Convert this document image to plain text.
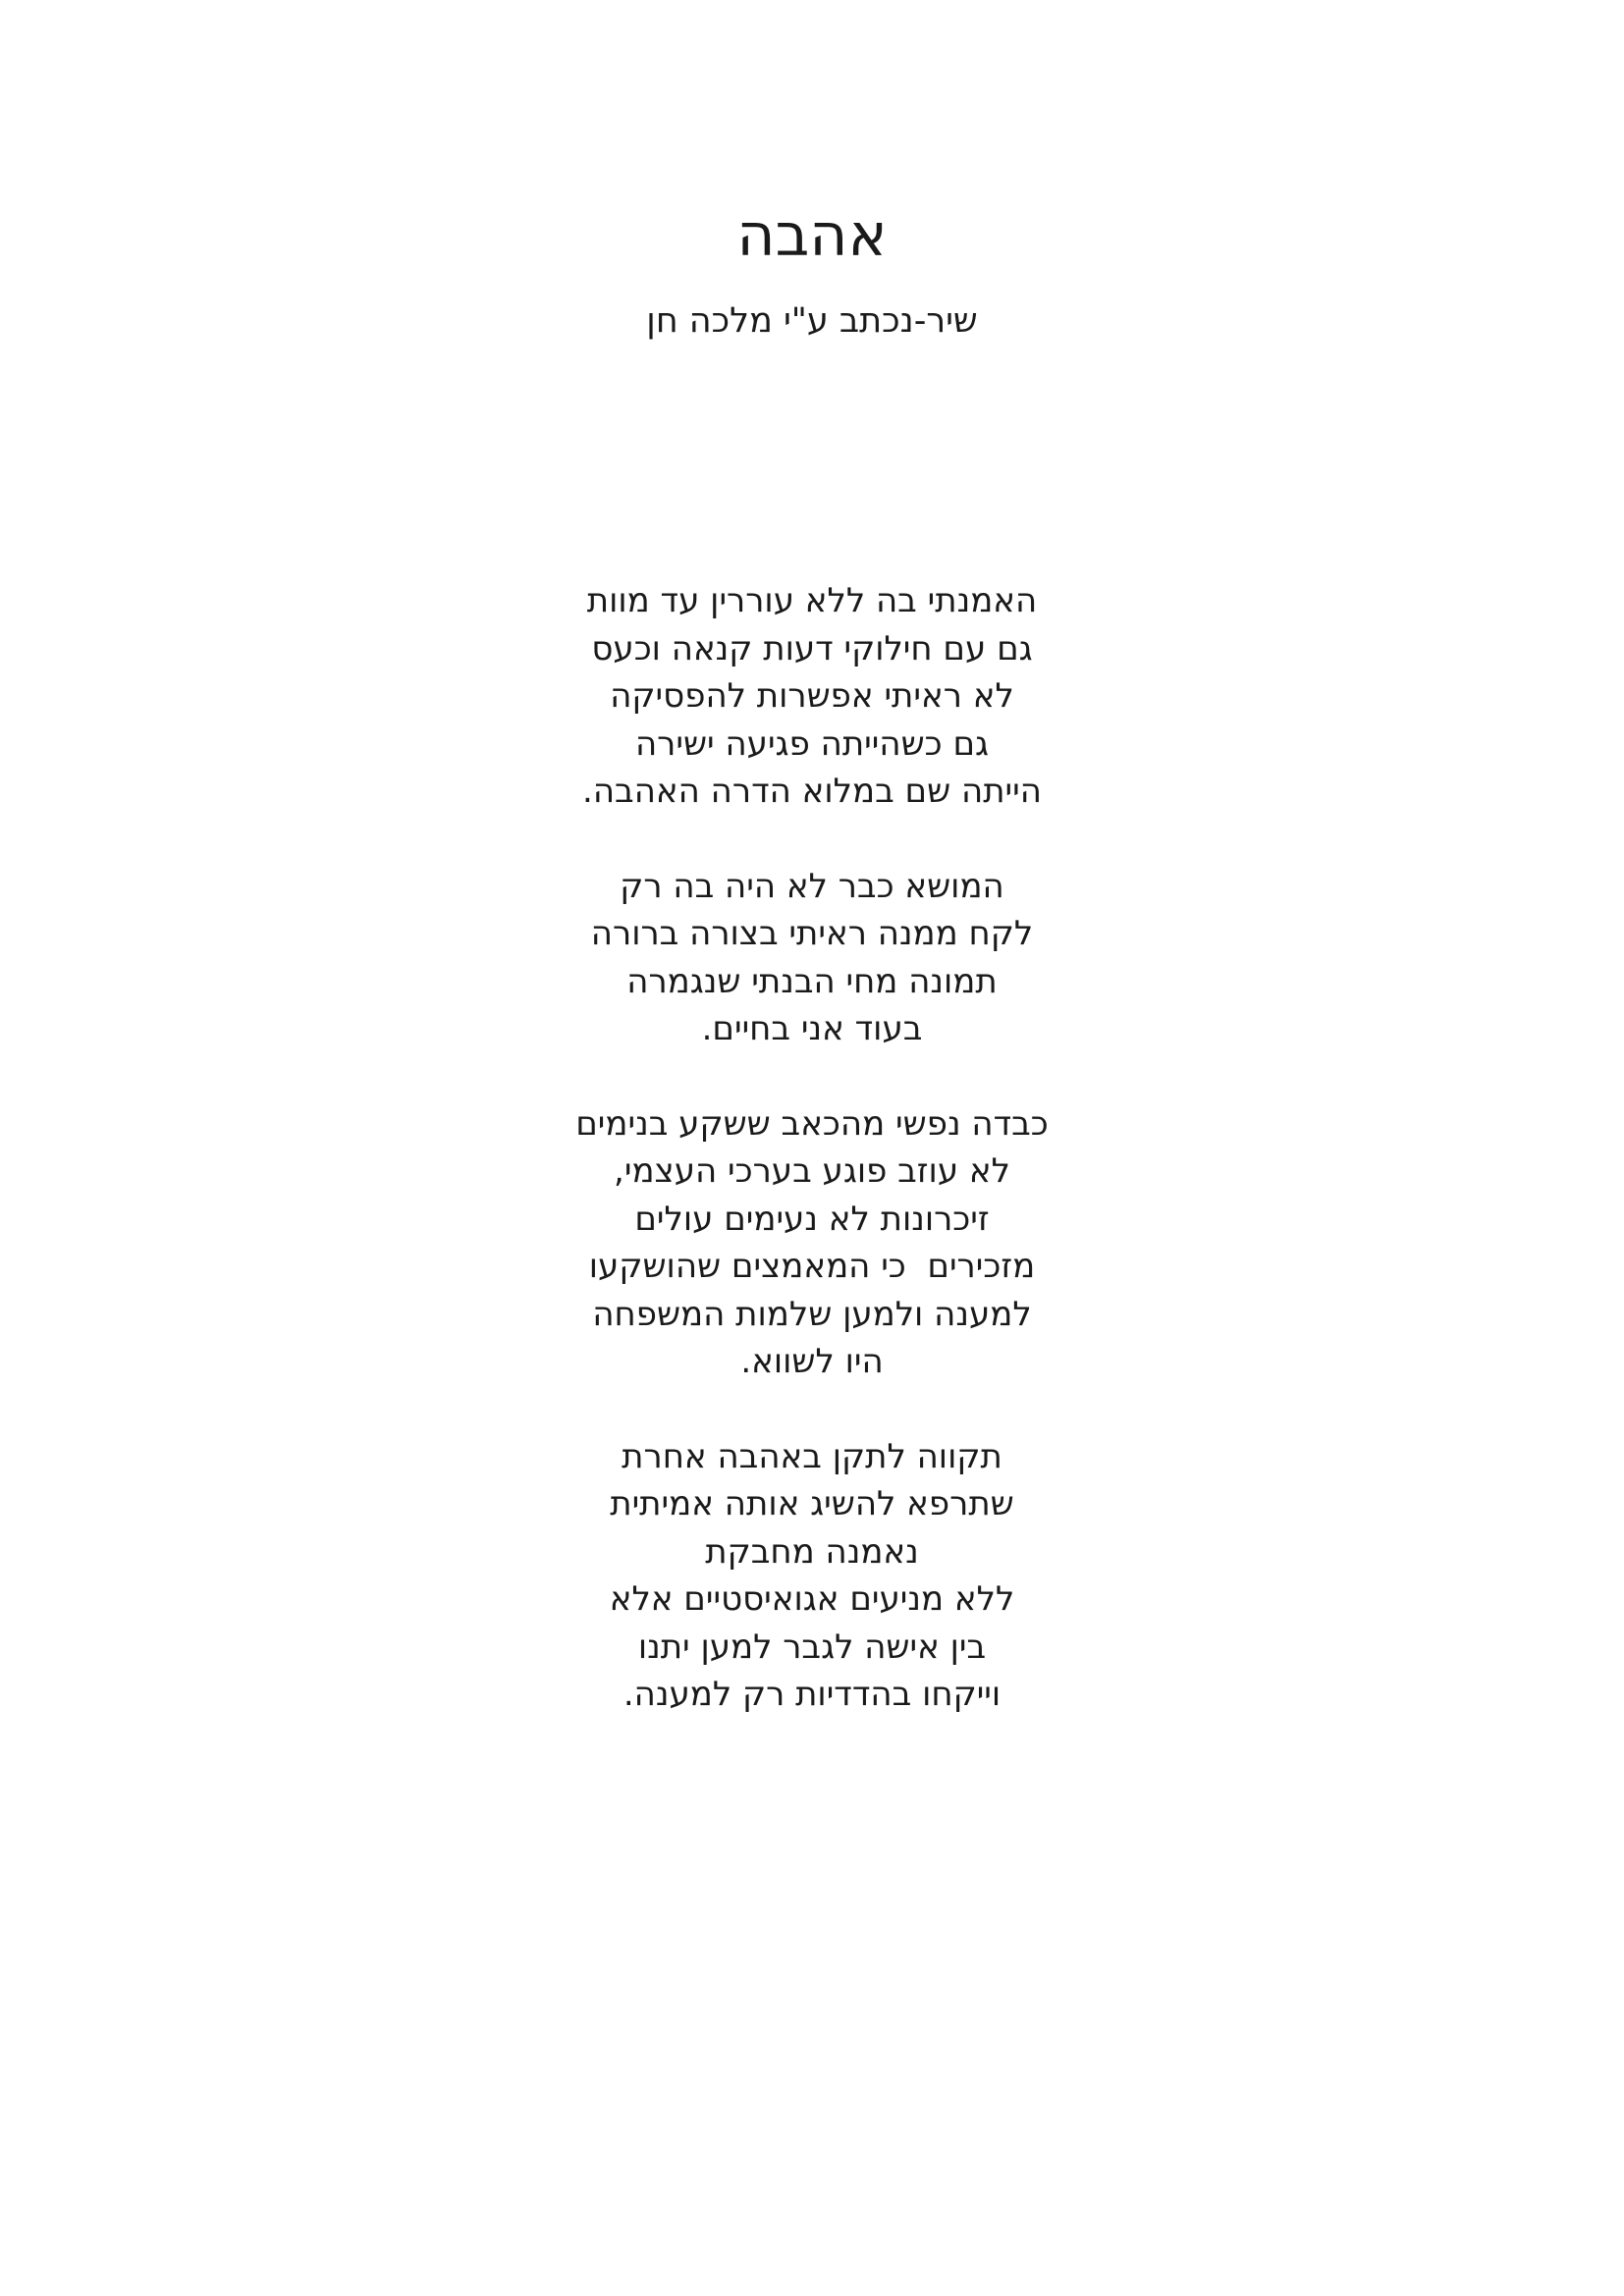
אהבה

שיר-נכתב ע"י מלכה חן

האמנתי בה ללא עוררין עד מוות
גם עם חילוקי דעות קנאה וכעס
לא ראיתי אפשרות להפסיקה
גם כשהייתה פגיעה ישירה
הייתה שם במלוא הדרה האהבה.
המושא כבר לא היה בה רק
לקח ממנה ראיתי בצורה ברורה
תמונה מחי הבנתי שנגמרה
בעוד אני בחיים.
כבדה נפשי מהכאב ששקע בנימים
לא עוזב פוגע בערכי העצמי,
זיכרונות לא נעימים עולים
מזכירים  כי המאמצים שהושקעו
למענה ולמען שלמות המשפחה
היו לשווא.
תקווה לתקן באהבה אחרת
שתרפא להשיג אותה אמיתית
נאמנה מחבקת
ללא מניעים אגואיסטיים אלא
בין אישה לגבר למען יתנו
וייקחו בהדדיות רק למענה.
